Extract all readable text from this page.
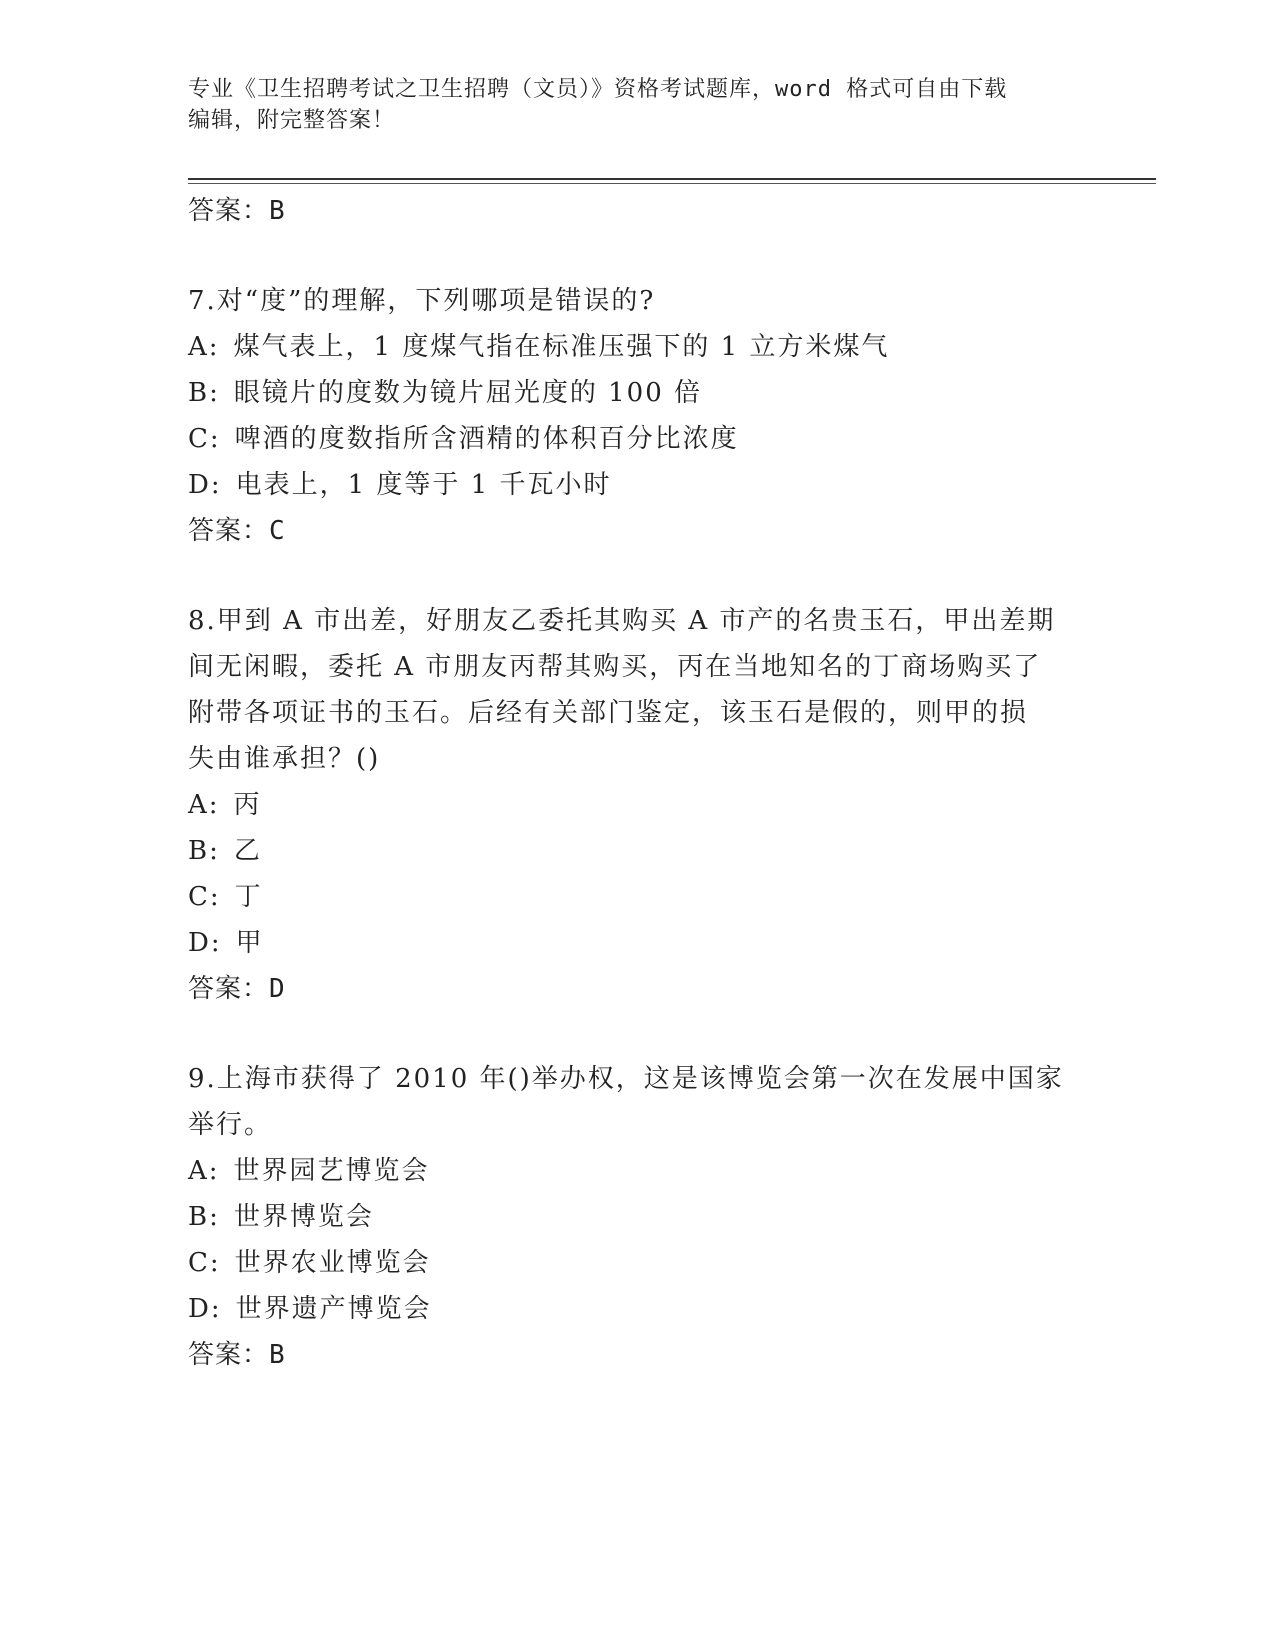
专业《卫生招聘考试之卫生招聘（文员）》资格考试题库，word 格式可自由下载
编辑，附完整答案！
答案：B
7.对“度”的理解，下列哪项是错误的?
A: 煤气表上，1 度煤气指在标准压强下的 1 立方米煤气
B: 眼镜片的度数为镜片屈光度的 100 倍
C: 啤酒的度数指所含酒精的体积百分比浓度
D: 电表上，1 度等于 1 千瓦小时
答案：C
8.甲到 A 市出差，好朋友乙委托其购买 A 市产的名贵玉石，甲出差期
间无闲暇，委托 A 市朋友丙帮其购买，丙在当地知名的丁商场购买了
附带各项证书的玉石。后经有关部门鉴定，该玉石是假的，则甲的损
失由谁承担？()
A: 丙
B: 乙
C: 丁
D: 甲
答案：D
9.上海市获得了 2010 年()举办权，这是该博览会第一次在发展中国家
举行。
A: 世界园艺博览会
B: 世界博览会
C: 世界农业博览会
D: 世界遗产博览会
答案：B
